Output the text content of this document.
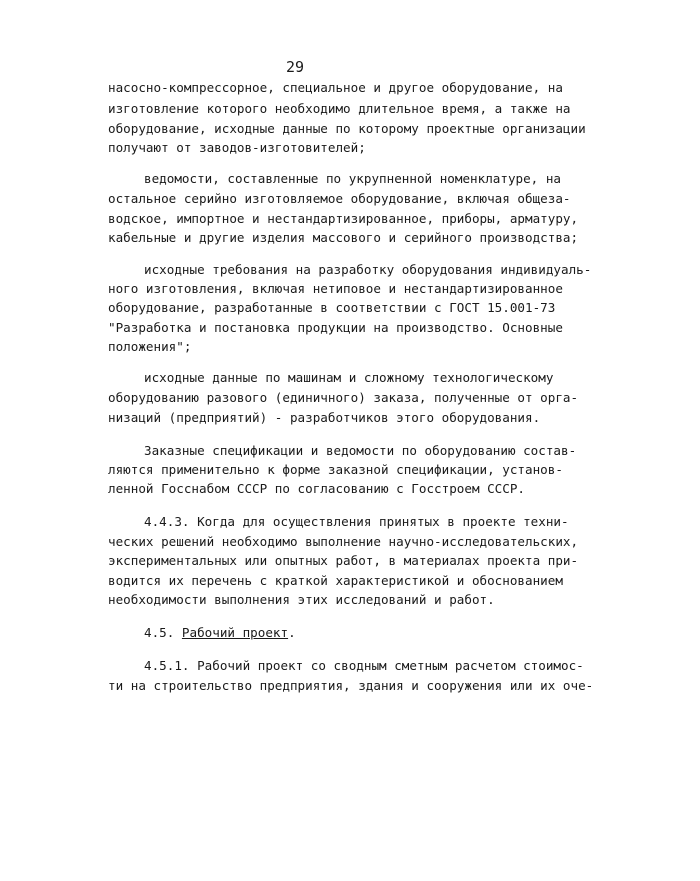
29
насосно-компрессорное, специальное и другое оборудование, на
изготовление которого необходимо длительное время, а также на
оборудование, исходные данные по которому проектные организации
получают от заводов-изготовителей;
ведомости, составленные по укрупненной номенклатуре, на
остальное серийно изготовляемое оборудование, включая общеза-
водское, импортное и нестандартизированное, приборы, арматуру,
кабельные и другие изделия массового и серийного производства;
исходные требования на разработку оборудования индивидуаль-
ного изготовления, включая нетиповое и нестандартизированное
оборудование, разработанные в соответствии с ГОСТ 15.001-73
"Разработка и постановка продукции на производство. Основные
положения";
исходные данные по машинам и сложному технологическому
оборудованию разового (единичного) заказа, полученные от орга-
низаций (предприятий) - разработчиков этого оборудования.
Заказные спецификации и ведомости по оборудованию состав-
ляются применительно к форме заказной спецификации, установ-
ленной Госснабом СССР по согласованию с Госстроем СССР.
4.4.3. Когда для осуществления принятых в проекте техни-
ческих решений необходимо выполнение научно-исследовательских,
экспериментальных или опытных работ, в материалах проекта при-
водится их перечень с краткой характеристикой и обоснованием
необходимости выполнения этих исследований и работ.
4.5. Рабочий проект.
4.5.1. Рабочий проект со сводным сметным расчетом стоимос-
ти на строительство предприятия, здания и сооружения или их оче-
